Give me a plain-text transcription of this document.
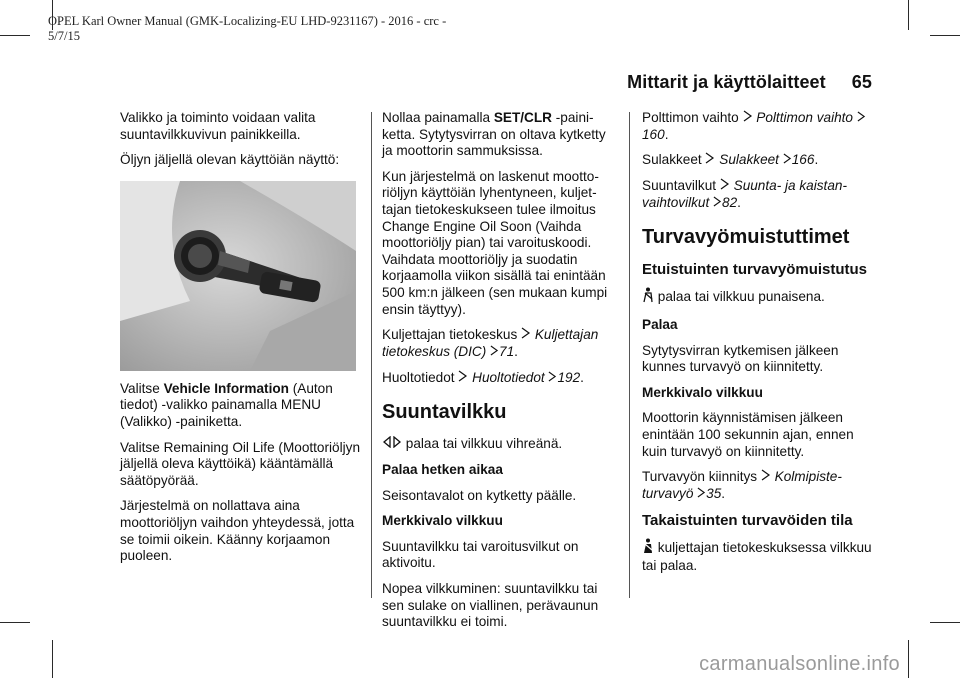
OPEL Karl Owner Manual (GMK-Localizing-EU LHD-9231167) - 2016 - crc -
5/7/15
Mittarit ja käyttölaitteet 65

Valikko ja toiminto voidaan valita suuntavilkkuvivun painikkeilla.

Öljyn jäljellä olevan käyttöiän näyttö:

Valitse Vehicle Information (Auton tiedot) -valikko painamalla MENU (Valikko) -painiketta.

Valitse Remaining Oil Life (Moottoriöljyn jäljellä oleva käyttöikä) kääntämällä säätöpyörää.

Järjestelmä on nollattava aina moottoriöljyn vaihdon yhteydessä, jotta se toimii oikein. Käänny korjaamon puoleen.

Nollaa painamalla SET/CLR -painiketta. Sytytysvirran on oltava kytketty ja moottorin sammuksissa.

Kun järjestelmä on laskenut moottoriöljyn käyttöiän lyhentyneen, kuljettajan tietokeskukseen tulee ilmoitus Change Engine Oil Soon (Vaihda moottoriöljy pian) tai varoituskoodi. Vaihdata moottoriöljy ja suodatin korjaamolla viikon sisällä tai enintään 500 km:n jälkeen (sen mukaan kumpi ensin täyttyy).

Kuljettajan tietokeskus Kuljettajan tietokeskus (DIC) 71.

Huoltotiedot Huoltotiedot 192.

Suuntavilkku

palaa tai vilkkuu vihreänä.

Palaa hetken aikaa

Seisontavalot on kytketty päälle.

Merkkivalo vilkkuu

Suuntavilkku tai varoitusvilkut on aktivoitu.

Nopea vilkkuminen: suuntavilkku tai sen sulake on viallinen, perävaunun suuntavilkku ei toimi.

Polttimon vaihto Polttimon vaihto 160.

Sulakkeet Sulakkeet 166.

Suuntavilkut Suunta- ja kaistanvaihtovilkut 82.

Turvavyömuistuttimet
Etuistuinten turvavyömuistutus

palaa tai vilkkuu punaisena.

Palaa

Sytytysvirran kytkemisen jälkeen kunnes turvavyö on kiinnitetty.

Merkkivalo vilkkuu

Moottorin käynnistämisen jälkeen enintään 100 sekunnin ajan, ennen kuin turvavyö on kiinnitetty.

Turvavyön kiinnitys Kolmipisteturvavyö 35.

Takaistuinten turvavöiden tila

kuljettajan tietokeskuksessa vilkkuu tai palaa.

carmanualsonline.info
